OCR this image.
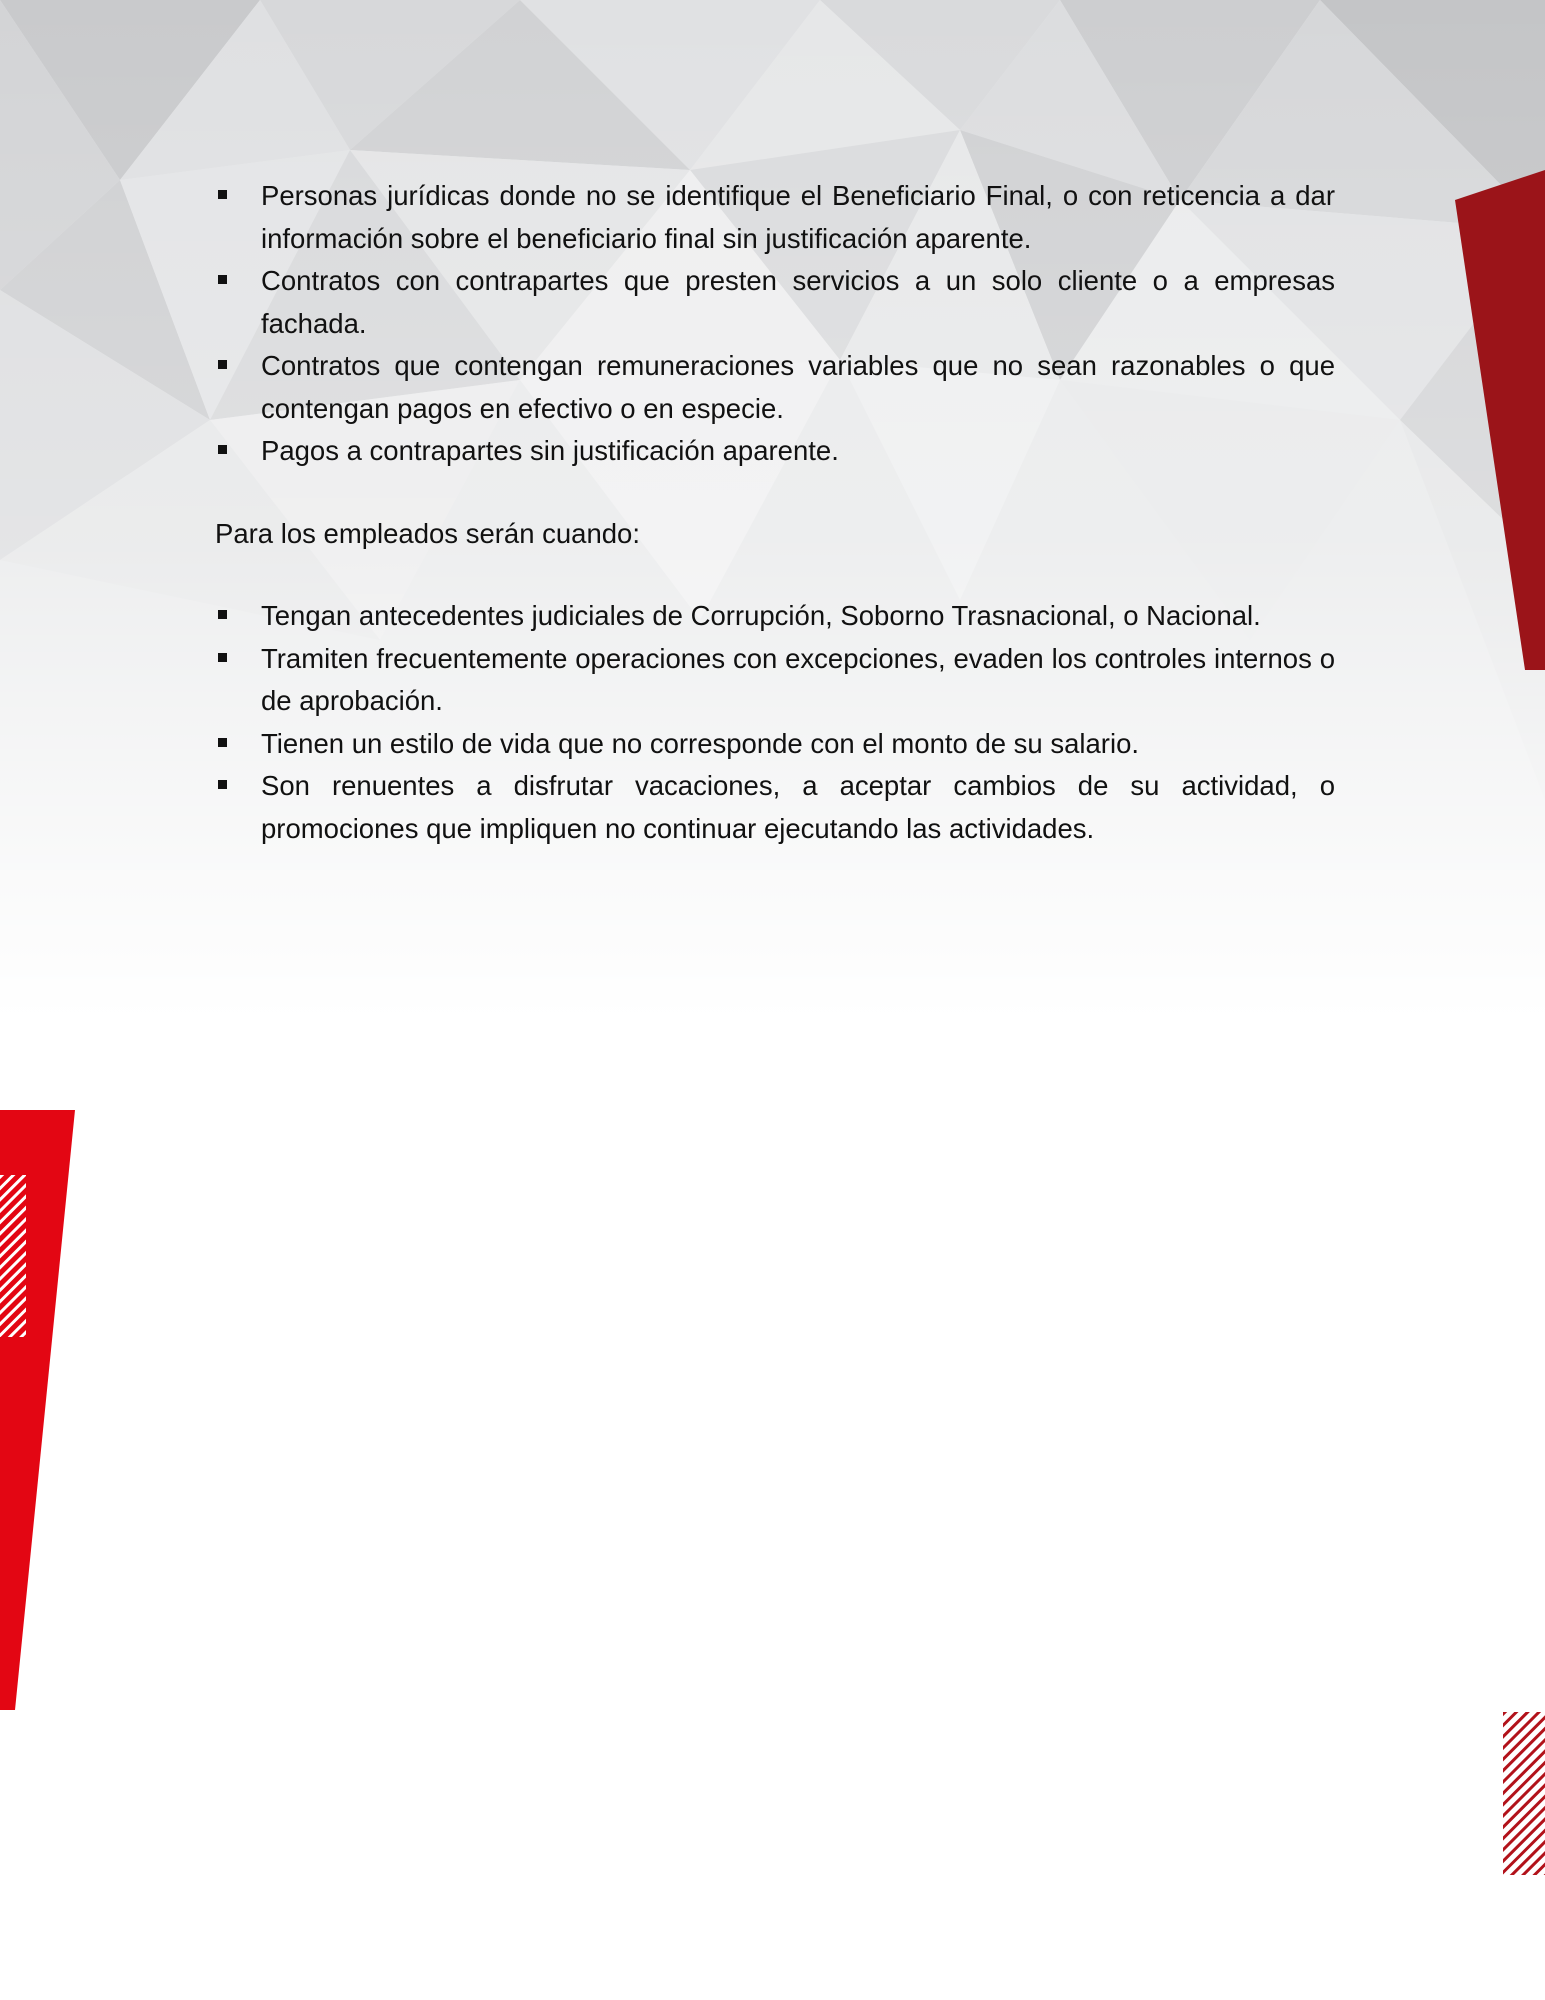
Personas jurídicas donde no se identifique el Beneficiario Final, o con reticencia a dar información sobre el beneficiario final sin justificación aparente.
Contratos con contrapartes que presten servicios a un solo cliente o a empresas fachada.
Contratos que contengan remuneraciones variables que no sean razonables o que contengan pagos en efectivo o en especie.
Pagos a contrapartes sin justificación aparente.

Para los empleados serán cuando:

Tengan antecedentes judiciales de Corrupción, Soborno Trasnacional, o Nacional.
Tramiten frecuentemente operaciones con excepciones, evaden los controles internos o de aprobación.
Tienen un estilo de vida que no corresponde con el monto de su salario.
Son renuentes a disfrutar vacaciones, a aceptar cambios de su actividad, o promociones que impliquen no continuar ejecutando las actividades.
